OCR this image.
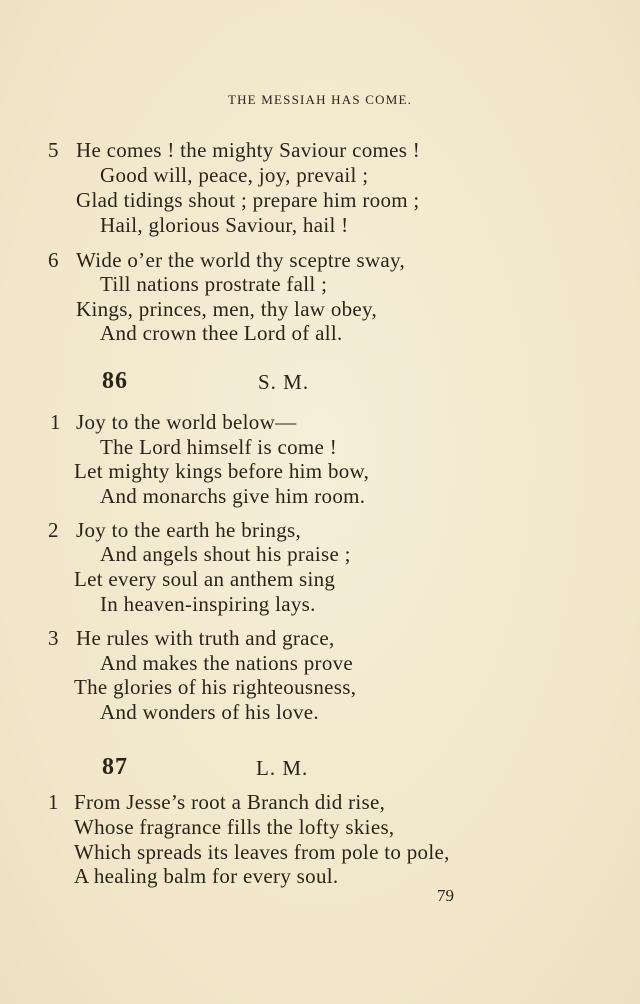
THE MESSIAH HAS COME.
5 He comes ! the mighty Saviour comes !
Good will, peace, joy, prevail ;
Glad tidings shout ; prepare him room ;
Hail, glorious Saviour, hail !
6 Wide o’er the world thy sceptre sway,
Till nations prostrate fall ;
Kings, princes, men, thy law obey,
And crown thee Lord of all.
86	S. M.
1 Joy to the world below—
The Lord himself is come !
Let mighty kings before him bow,
And monarchs give him room.
2 Joy to the earth he brings,
And angels shout his praise ;
Let every soul an anthem sing
In heaven-inspiring lays.
3 He rules with truth and grace,
And makes the nations prove
The glories of his righteousness,
And wonders of his love.
87	L. M.
1 From Jesse’s root a Branch did rise,
Whose fragrance fills the lofty skies,
Which spreads its leaves from pole to pole,
A healing balm for every soul.
79
